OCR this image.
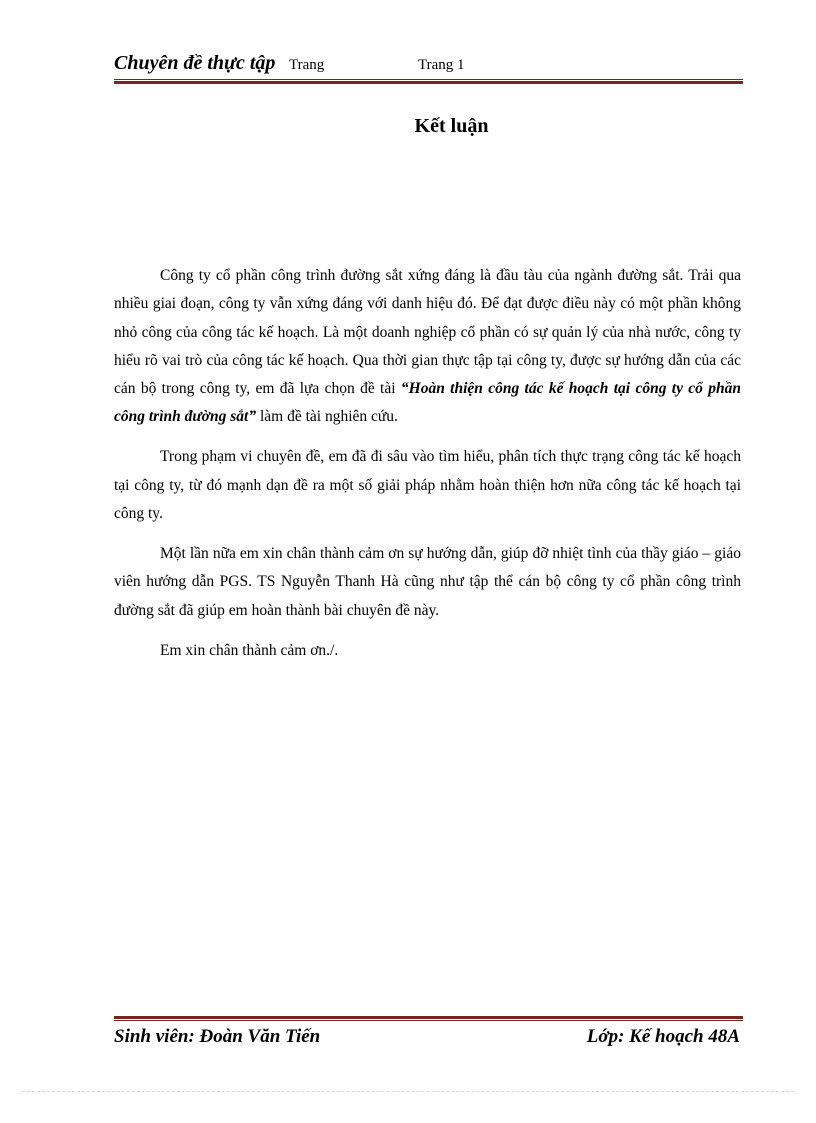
Chuyên đề thực tập Trang	Trang 1
Kết luận

Công ty cổ phần công trình đường sắt xứng đáng là đầu tàu của ngành đường sắt. Trải qua nhiều giai đoạn, công ty vẫn xứng đáng với danh hiệu đó. Để đạt được điều này có một phần không nhỏ công của công tác kế hoạch. Là một doanh nghiệp cổ phần có sự quản lý của nhà nước, công ty hiểu rõ vai trò của công tác kế hoạch. Qua thời gian thực tập tại công ty, được sự hướng dẫn của các cán bộ trong công ty, em đã lựa chọn đề tài “Hoàn thiện công tác kế hoạch tại công ty cổ phần công trình đường sắt” làm đề tài nghiên cứu.

Trong phạm vi chuyên đề, em đã đi sâu vào tìm hiểu, phân tích thực trạng công tác kế hoạch tại công ty, từ đó mạnh dạn đề ra một số giải pháp nhằm hoàn thiện hơn nữa công tác kế hoạch tại công ty.

Một lần nữa em xin chân thành cảm ơn sự hướng dẫn, giúp đỡ nhiệt tình của thầy giáo – giáo viên hướng dẫn PGS. TS Nguyễn Thanh Hà cũng như tập thể cán bộ công ty cổ phần công trình đường sắt đã giúp em hoàn thành bài chuyên đề này.

Em xin chân thành cảm ơn./.

Sinh viên: Đoàn Văn Tiến	Lớp: Kế hoạch 48A
